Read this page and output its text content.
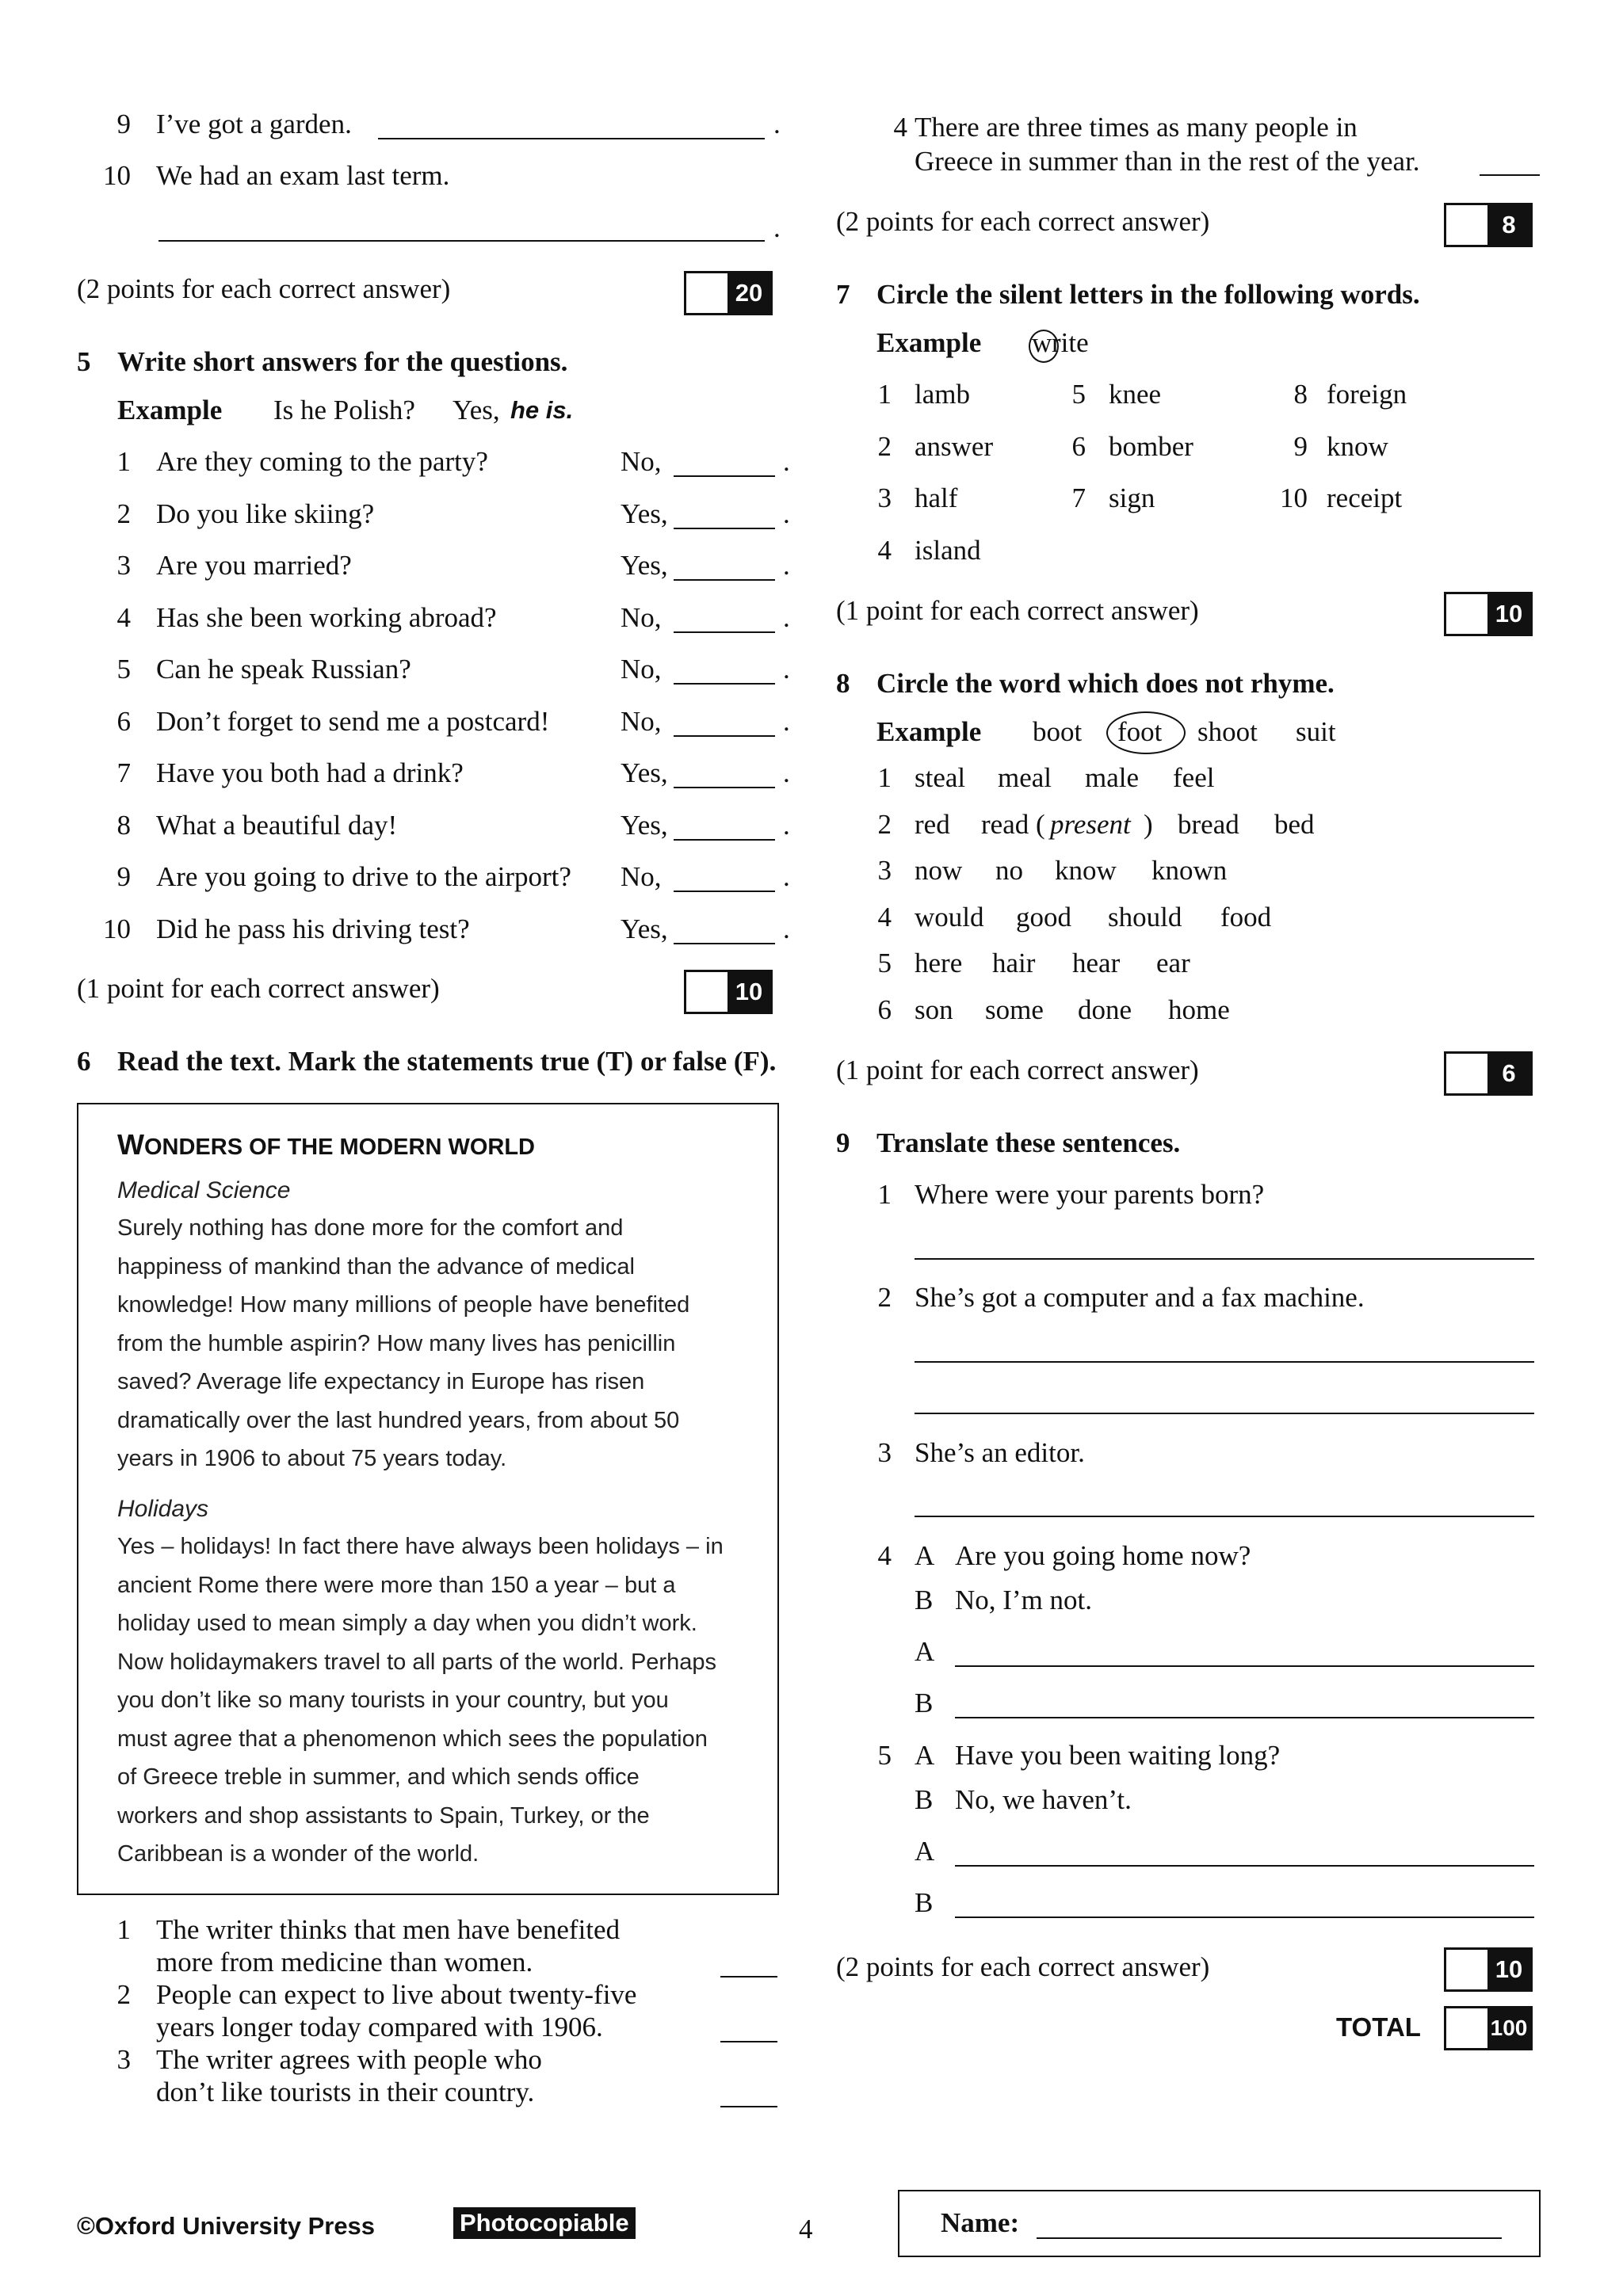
9 I’ve got a garden.	.
10 We had an exam last term.
.
(2 points for each correct answer)	20
5 Write short answers for the questions.
Example Is he Polish? Yes, he is.
1 Are they coming to the party?	No,	.
2 Do you like skiing?	Yes,	.
3 Are you married?	Yes,	.
4 Has she been working abroad?	No,	.
5 Can he speak Russian?	No,	.
6 Don’t forget to send me a postcard!	No,	.
7 Have you both had a drink?	Yes,	.
8 What a beautiful day!	Yes,	.
9 Are you going to drive to the airport? No,	.
10 Did he pass his driving test?	Yes,	.
(1 point for each correct answer)	10
6 Read the text. Mark the statements true (T) or false (F).
WONDERS OF THE MODERN WORLD
Medical Science
Surely nothing has done more for the comfort and
happiness of mankind than the advance of medical
knowledge! How many millions of people have benefited
from the humble aspirin? How many lives has penicillin
saved? Average life expectancy in Europe has risen
dramatically over the last hundred years, from about 50
years in 1906 to about 75 years today.
Holidays
Yes – holidays! In fact there have always been holidays – in
ancient Rome there were more than 150 a year – but a
holiday used to mean simply a day when you didn’t work.
Now holidaymakers travel to all parts of the world. Perhaps
you don’t like so many tourists in your country, but you
must agree that a phenomenon which sees the population
of Greece treble in summer, and which sends office
workers and shop assistants to Spain, Turkey, or the
Caribbean is a wonder of the world.
1 The writer thinks that men have benefited
more from medicine than women.
2 People can expect to live about twenty-five
years longer today compared with 1906.
3 The writer agrees with people who
don’t like tourists in their country.
4 There are three times as many people in
Greece in summer than in the rest of the year.
(2 points for each correct answer)	8
7 Circle the silent letters in the following words.
Example w rite
1 lamb
2 answer
3 half
4 island
5 knee
6 bomber
7 sign
8 foreign
9 know
10 receipt
(1 point for each correct answer)	10
8 Circle the word which does not rhyme.
Example boot foot shoot suit
1 steal meal male feel
2 red read ( present ) bread bed
3 now no know known
4 would good should food
5 here hair hear ear
6 son some done home
(1 point for each correct answer)	6
9 Translate these sentences.
1 Where were your parents born?
2 She’s got a computer and a fax machine.
3 She’s an editor.
4 A Are you going home now?
B No, I’m not.
A
B
5 A Have you been waiting long?
B No, we haven’t.
A
B
(2 points for each correct answer)	10
TOTAL	100
©Oxford University Press	Photocopiable	4	Name:
